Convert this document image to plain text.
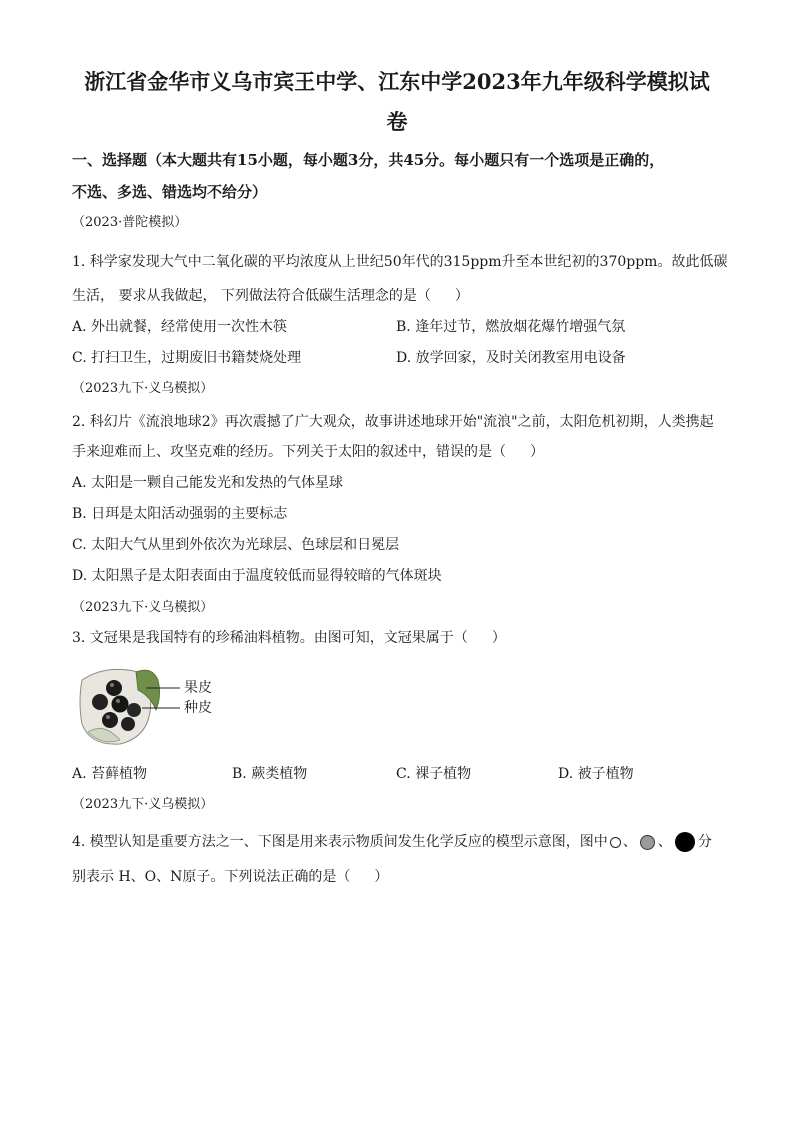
浙江省金华市义乌市宾王中学、江东中学2023年九年级科学模拟试
卷
一、选择题（本大题共有15小题，每小题3分，共45分。每小题只有一个选项是正确的，
不选、多选、错选均不给分）
（2023·普陀模拟）
1. 科学家发现大气中二氧化碳的平均浓度从上世纪50年代的315ppm升至本世纪初的370ppm。故此低碳
生活， 要求从我做起， 下列做法符合低碳生活理念的是（ ）
A. 外出就餐，经常使用一次性木筷	B. 逢年过节，燃放烟花爆竹增强气氛
C. 打扫卫生，过期废旧书籍焚烧处理	D. 放学回家，及时关闭教室用电设备
（2023九下·义乌模拟）
2. 科幻片《流浪地球2》再次震撼了广大观众，故事讲述地球开始"流浪"之前，太阳危机初期，人类携起
手来迎难而上、攻坚克难的经历。下列关于太阳的叙述中，错误的是（ ）
A. 太阳是一颗自己能发光和发热的气体星球
B. 日珥是太阳活动强弱的主要标志
C. 太阳大气从里到外依次为光球层、色球层和日冕层
D. 太阳黑子是太阳表面由于温度较低而显得较暗的气体斑块
（2023九下·义乌模拟）
3. 文冠果是我国特有的珍稀油料植物。由图可知，文冠果属于（ ）
果皮
种皮
A. 苔藓植物	B. 蕨类植物	C. 裸子植物	D. 被子植物
（2023九下·义乌模拟）
4. 模型认知是重要方法之一、下图是用来表示物质间发生化学反应的模型示意图，图中 、 、 分
别表示 H、O、N原子。下列说法正确的是（ ）
